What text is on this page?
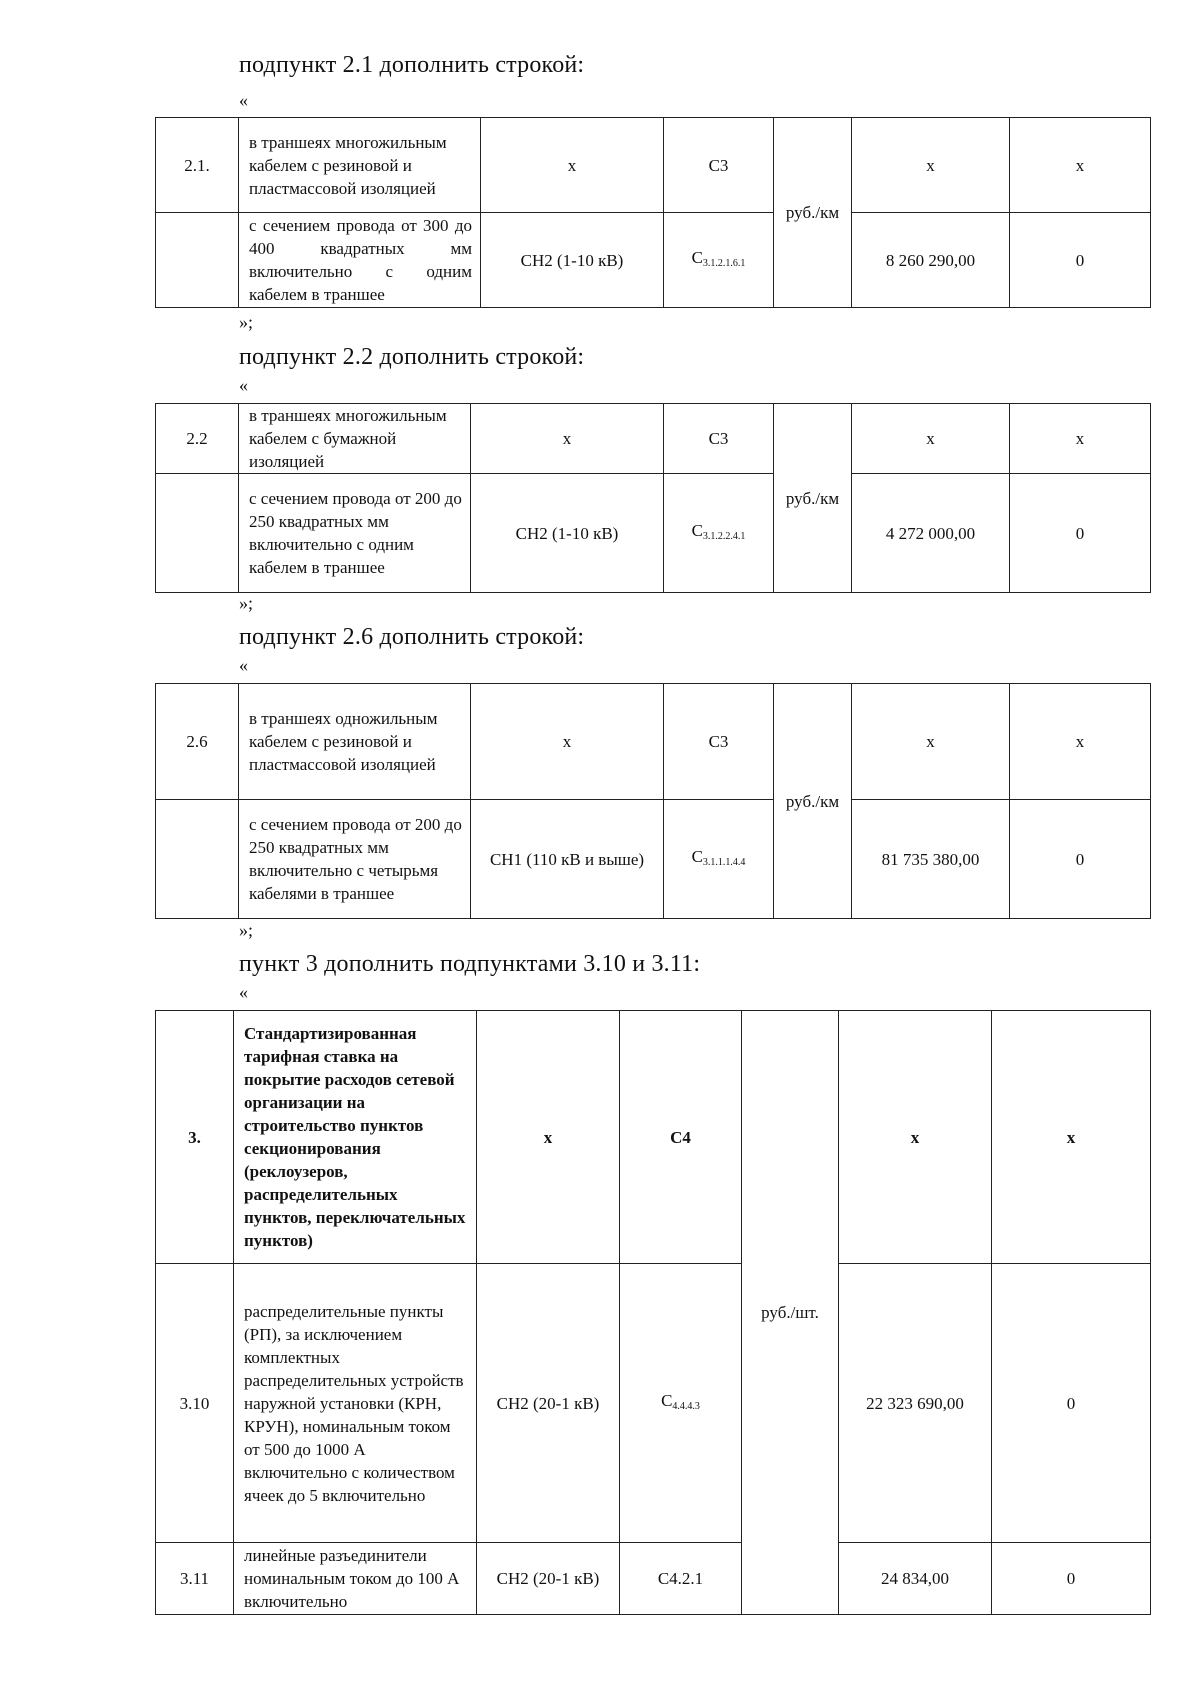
подпункт 2.1 дополнить строкой:
«
2.1.	в траншеях многожильным кабелем с резиновой и пластмассовой изоляцией	х	С3	руб./км	х	х

	с сечением провода от 300 до 400 квадратных мм включительно с одним кабелем в траншее	СН2 (1-10 кВ)	$С_{3.1.2.1.6.1}$		8 260 290,00	0
»;
подпункт 2.2 дополнить строкой:
«
2.2	в траншеях многожильным кабелем с бумажной изоляцией	х	С3	руб./км	х	х
	с сечением провода от 200 до 250 квадратных мм включительно с одним кабелем в траншее	СН2 (1-10 кВ)	$С_{3.1.2.2.4.1}$		4 272 000,00	0
»;
подпункт 2.6 дополнить строкой:
«
2.6	в траншеях одножильным кабелем с резиновой и пластмассовой изоляцией	х	С3	руб./км	х	х
	с сечением провода от 200 до 250 квадратных мм включительно с четырьмя кабелями в траншее	СН1 (110 кВ и выше)	$С_{3.1.1.1.4.4}$		81 735 380,00	0
»;
пункт 3 дополнить подпунктами 3.10 и 3.11:
«
3.	Стандартизированная тарифная ставка на покрытие расходов сетевой организации на строительство пунктов секционирования (реклоузеров, распределительных пунктов, переключательных пунктов)	х	С4	руб./шт.	х	х
3.10	распределительные пункты (РП), за исключением комплектных распределительных устройств наружной установки (КРН, КРУН), номинальным током от 500 до 1000 А включительно с количеством ячеек до 5 включительно	СН2 (20-1 кВ)	$С_{4.4.4.3}$		22 323 690,00	0
3.11	линейные разъединители номинальным током до 100 А включительно	СН2 (20-1 кВ)	С4.2.1		24 834,00	0
